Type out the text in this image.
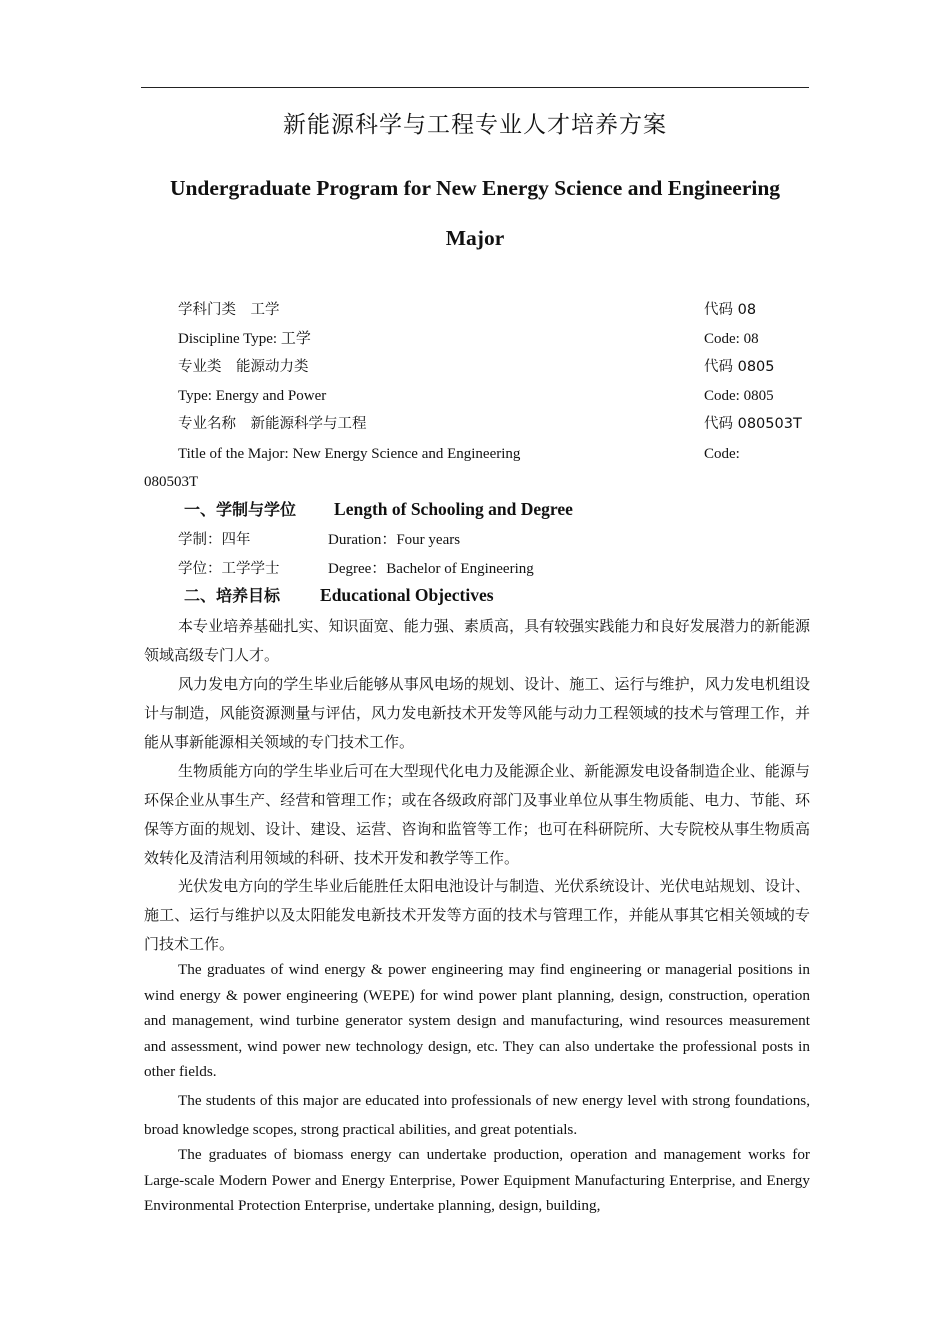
新能源科学与工程专业人才培养方案
Undergraduate Program for New Energy Science and Engineering
Major
学科门类　工学	代码 08
Discipline Type: 工学	Code: 08
专业类　能源动力类	代码 0805
Type: Energy and Power	Code: 0805
专业名称　新能源科学与工程	代码 080503T
Title of the Major: New Energy Science and Engineering	Code:
080503T
一、学制与学位 Length of Schooling and Degree
学制：四年	Duration：Four years
学位：工学学士	Degree：Bachelor of Engineering
二、培养目标 Educational Objectives
本专业培养基础扎实、知识面宽、能力强、素质高，具有较强实践能力和良好发展潜力的新能源领域高级专门人才。
风力发电方向的学生毕业后能够从事风电场的规划、设计、施工、运行与维护，风力发电机组设计与制造，风能资源测量与评估，风力发电新技术开发等风能与动力工程领域的技术与管理工作，并能从事新能源相关领域的专门技术工作。
生物质能方向的学生毕业后可在大型现代化电力及能源企业、新能源发电设备制造企业、能源与环保企业从事生产、经营和管理工作；或在各级政府部门及事业单位从事生物质能、电力、节能、环保等方面的规划、设计、建设、运营、咨询和监管等工作；也可在科研院所、大专院校从事生物质高效转化及清洁利用领域的科研、技术开发和教学等工作。
光伏发电方向的学生毕业后能胜任太阳电池设计与制造、光伏系统设计、光伏电站规划、设计、施工、运行与维护以及太阳能发电新技术开发等方面的技术与管理工作，并能从事其它相关领域的专门技术工作。
The graduates of wind energy & power engineering may find engineering or managerial positions in wind energy & power engineering (WEPE) for wind power plant planning, design, construction, operation and management, wind turbine generator system design and manufacturing, wind resources measurement and assessment, wind power new technology design, etc. They can also undertake the professional posts in other fields.
The students of this major are educated into professionals of new energy level with strong foundations, broad knowledge scopes, strong practical abilities, and great potentials.
The graduates of biomass energy can undertake production, operation and management works for Large-scale Modern Power and Energy Enterprise, Power Equipment Manufacturing Enterprise, and Energy Environmental Protection Enterprise, undertake planning, design, building,
